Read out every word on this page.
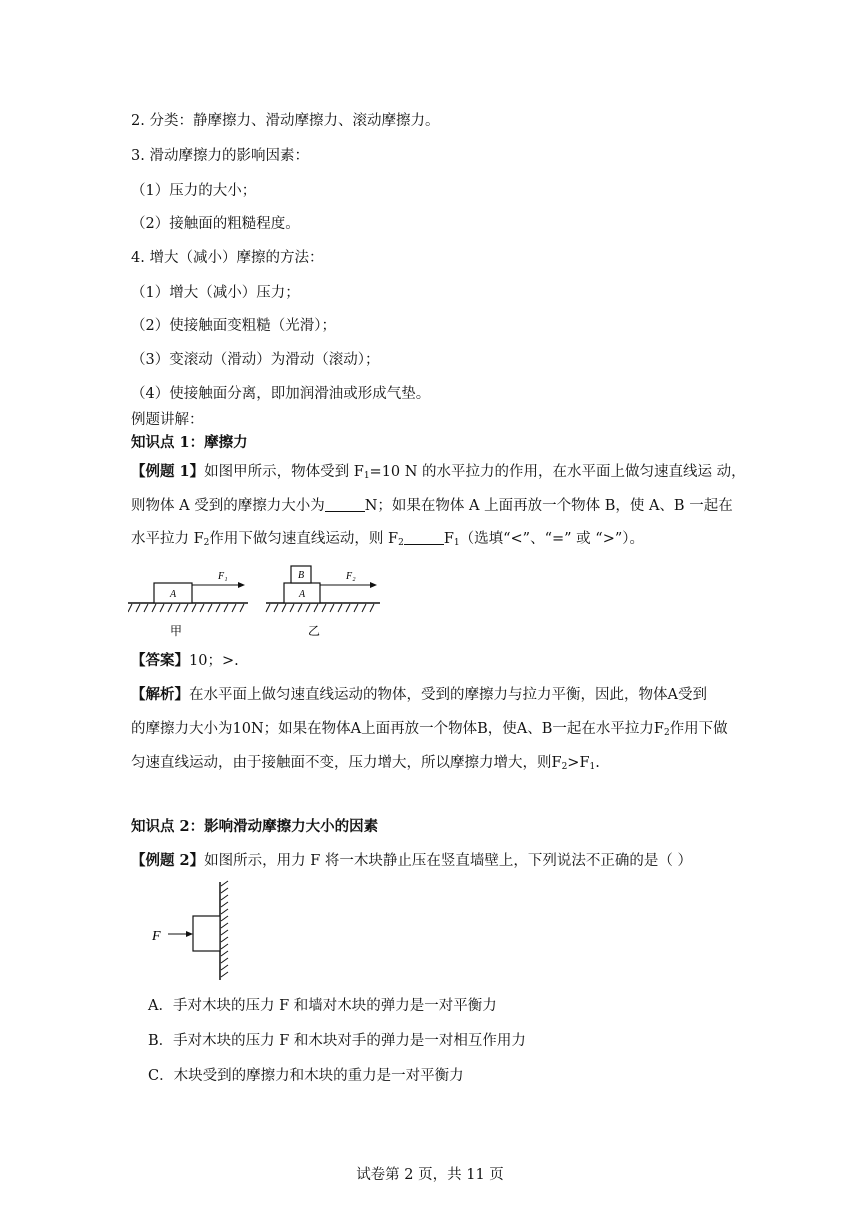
2. 分类：静摩擦力、滑动摩擦力、滚动摩擦力。
3. 滑动摩擦力的影响因素：
（1）压力的大小；
（2）接触面的粗糙程度。
4. 增大（减小）摩擦的方法：
（1）增大（减小）压力；
（2）使接触面变粗糙（光滑）；
（3）变滚动（滑动）为滑动（滚动）；
（4）使接触面分离，即加润滑油或形成气垫。
例题讲解：
知识点 1：摩擦力
【例题 1】如图甲所示，物体受到 $F_1=10$ N 的水平拉力的作用，在水平面上做匀速直线运 动，
则物体 A 受到的摩擦力大小为	N；如果在物体 A 上面再放一个物体 B，使 A、B 一起在
水平拉力 $F_2$作用下做匀速直线运动，则 $F_2$	$F_1$（选填“<”、“=” 或 “>”）。
A
F₁
甲
A
B	F₂
乙
【答案】10；>.
【解析】在水平面上做匀速直线运动的物体，受到的摩擦力与拉力平衡，因此，物体A受到
的摩擦力大小为10N；如果在物体A上面再放一个物体B，使A、B一起在水平拉力$F_2$作用下做
匀速直线运动，由于接触面不变，压力增大，所以摩擦力增大，则$F_2>F_1$.
知识点 2：影响滑动摩擦力大小的因素
【例题 2】如图所示，用力 F 将一木块静止压在竖直墙壁上，下列说法不正确的是（ ）
F
A．手对木块的压力 F 和墙对木块的弹力是一对平衡力
B．手对木块的压力 F 和木块对手的弹力是一对相互作用力
C．木块受到的摩擦力和木块的重力是一对平衡力
试卷第 2 页，共 11 页
